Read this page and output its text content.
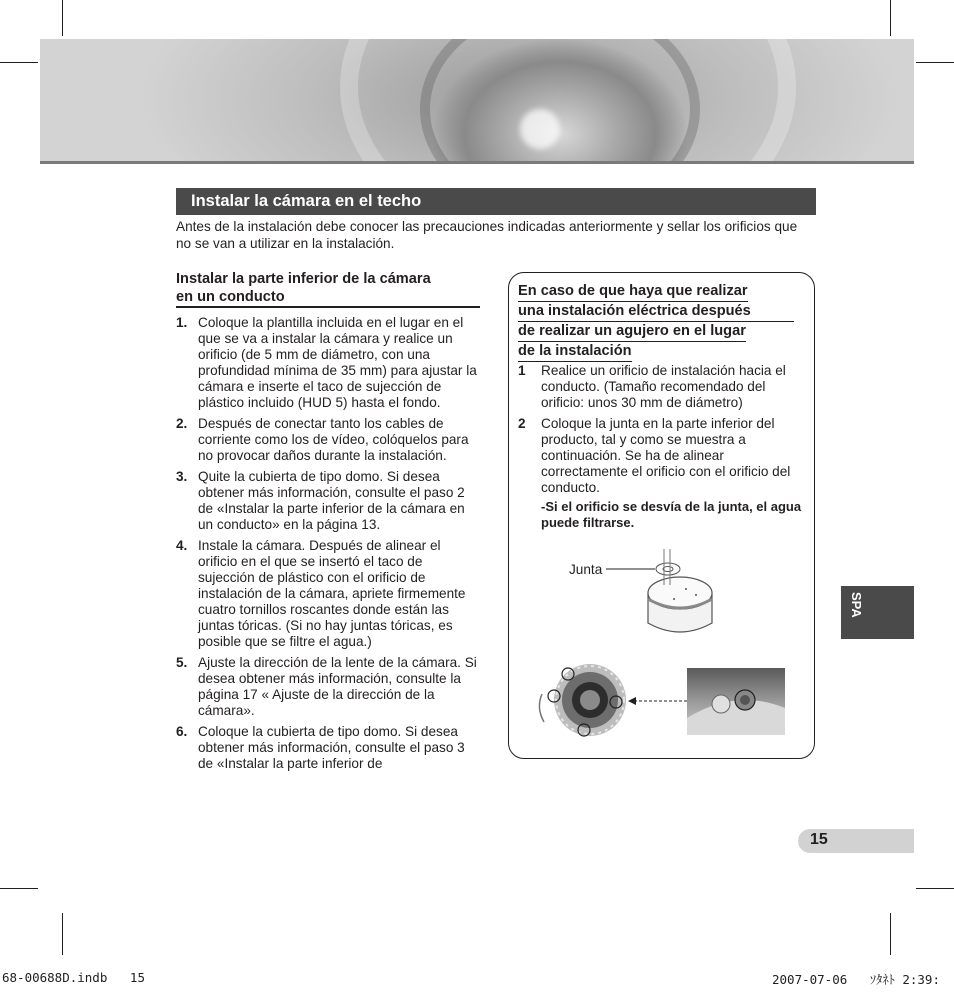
Instalar la cámara en el techo

Antes de la instalación debe conocer las precauciones indicadas anteriormente y sellar los orificios que no se van a utilizar en la instalación.

Instalar la parte inferior de la cámara
en un conducto
1. Coloque la plantilla incluida en el lugar en el que se va a instalar la cámara y realice un orificio (de 5 mm de diámetro, con una profundidad mínima de 35 mm) para ajustar la cámara e inserte el taco de sujección de plástico incluido (HUD 5) hasta el fondo.
2. Después de conectar tanto los cables de corriente como los de vídeo, colóquelos para no provocar daños durante la instalación.
3. Quite la cubierta de tipo domo. Si desea obtener más información, consulte el paso 2 de «Instalar la parte inferior de la cámara en un conducto» en la página 13.
4. Instale la cámara. Después de alinear el orificio en el que se insertó el taco de sujección de plástico con el orificio de instalación de la cámara, apriete firmemente cuatro tornillos roscantes donde están las juntas tóricas. (Si no hay juntas tóricas, es posible que se filtre el agua.)
5. Ajuste la dirección de la lente de la cámara. Si desea obtener más información, consulte la página 17 « Ajuste de la dirección de la cámara».
6. Coloque la cubierta de tipo domo. Si desea obtener más información, consulte el paso 3 de «Instalar la parte inferior de
En caso de que haya que realizar
una instalación eléctrica después
de realizar un agujero en el lugar
de la instalación
1 Realice un orificio de instalación hacia el conducto. (Tamaño recomendado del orificio: unos 30 mm de diámetro)
2 Coloque la junta en la parte inferior del producto, tal y como se muestra a continuación. Se ha de alinear correctamente el orificio con el orificio del conducto.

-Si el orificio se desvía de la junta, el agua puede filtrarse.

Junta
SPA
15
68-00688D.indb   15	2007-07-06   ｿﾀﾈﾄ 2:39:
